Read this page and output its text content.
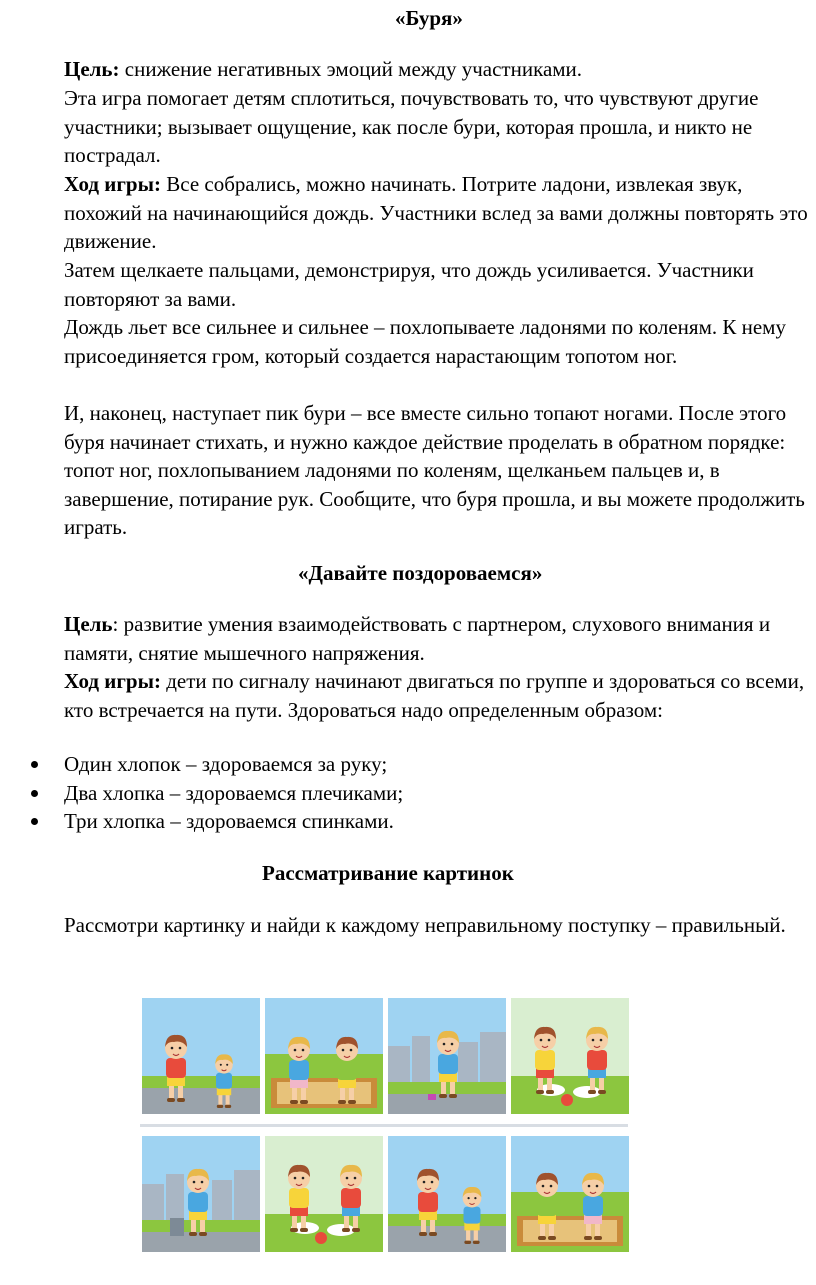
«Буря»
Цель: снижение негативных эмоций между участниками.
Эта игра помогает детям сплотиться, почувствовать то, что чувствуют другие участники; вызывает ощущение, как после бури, которая прошла, и никто не пострадал.
Ход игры: Все собрались, можно начинать. Потрите ладони, извлекая звук, похожий на начинающийся дождь. Участники вслед за вами должны повторять это движение.
Затем щелкаете пальцами, демонстрируя, что дождь усиливается. Участники повторяют за вами.
Дождь льет все сильнее и сильнее – похлопываете ладонями по коленям. К нему присоединяется гром, который создается нарастающим топотом ног.
И, наконец, наступает пик бури – все вместе сильно топают ногами. После этого буря начинает стихать, и нужно каждое действие проделать в обратном порядке: топот ног, похлопыванием ладонями по коленям, щелканьем пальцев и, в завершение, потирание рук. Сообщите, что буря прошла, и вы можете продолжить играть.
«Давайте поздороваемся»
Цель: развитие умения взаимодействовать с партнером, слухового внимания и памяти, снятие мышечного напряжения.
Ход игры: дети по сигналу начинают двигаться по группе и здороваться со всеми, кто встречается на пути. Здороваться надо определенным образом:
Один хлопок – здороваемся за руку;
Два хлопка – здороваемся плечиками;
Три хлопка – здороваемся спинками.
Рассматривание картинок
Рассмотри картинку и найди к каждому неправильному поступку – правильный.
